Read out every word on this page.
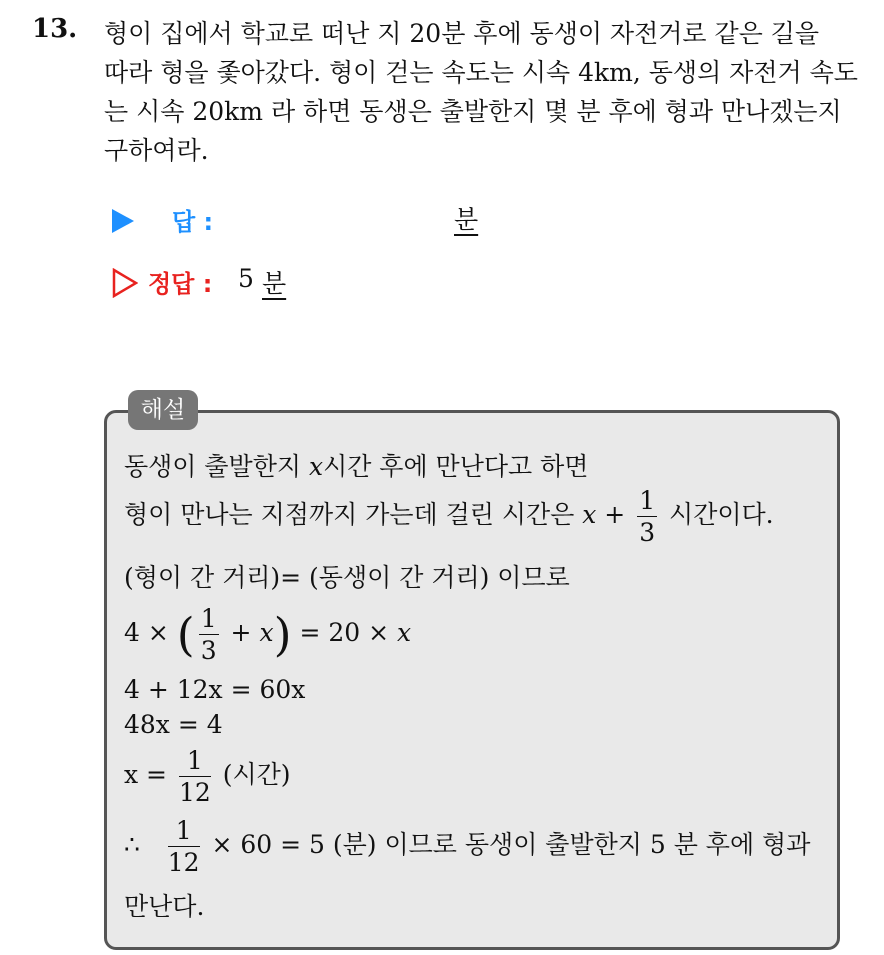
13. 형이 집에서 학교로 떠난 지 20분 후에 동생이 자전거로 같은 길을
따라 형을 좇아갔다. 형이 걷는 속도는 시속 4km, 동생의 자전거 속도
는 시속 20km 라 하면 동생은 출발한지 몇 분 후에 형과 만나겠는지
구하여라.
답 :	분
정답 : 5 분
해설
동생이 출발한지 x시간 후에 만난다고 하면
형이 만나는 지점까지 가는데 걸린 시간은 $x + \frac{1}{3}$ 시간이다.
(형이 간 거리)= (동생이 간 거리) 이므로
4 × ( $\frac{1}{3} + x) = 20 \times x$
4 + 12x = 60x
48x = 4
$x = \frac{1}{12}$ (시간)
∴ $\frac{1}{12} \times 60 = 5$ (분) 이므로 동생이 출발한지 5 분 후에 형과
만난다.
